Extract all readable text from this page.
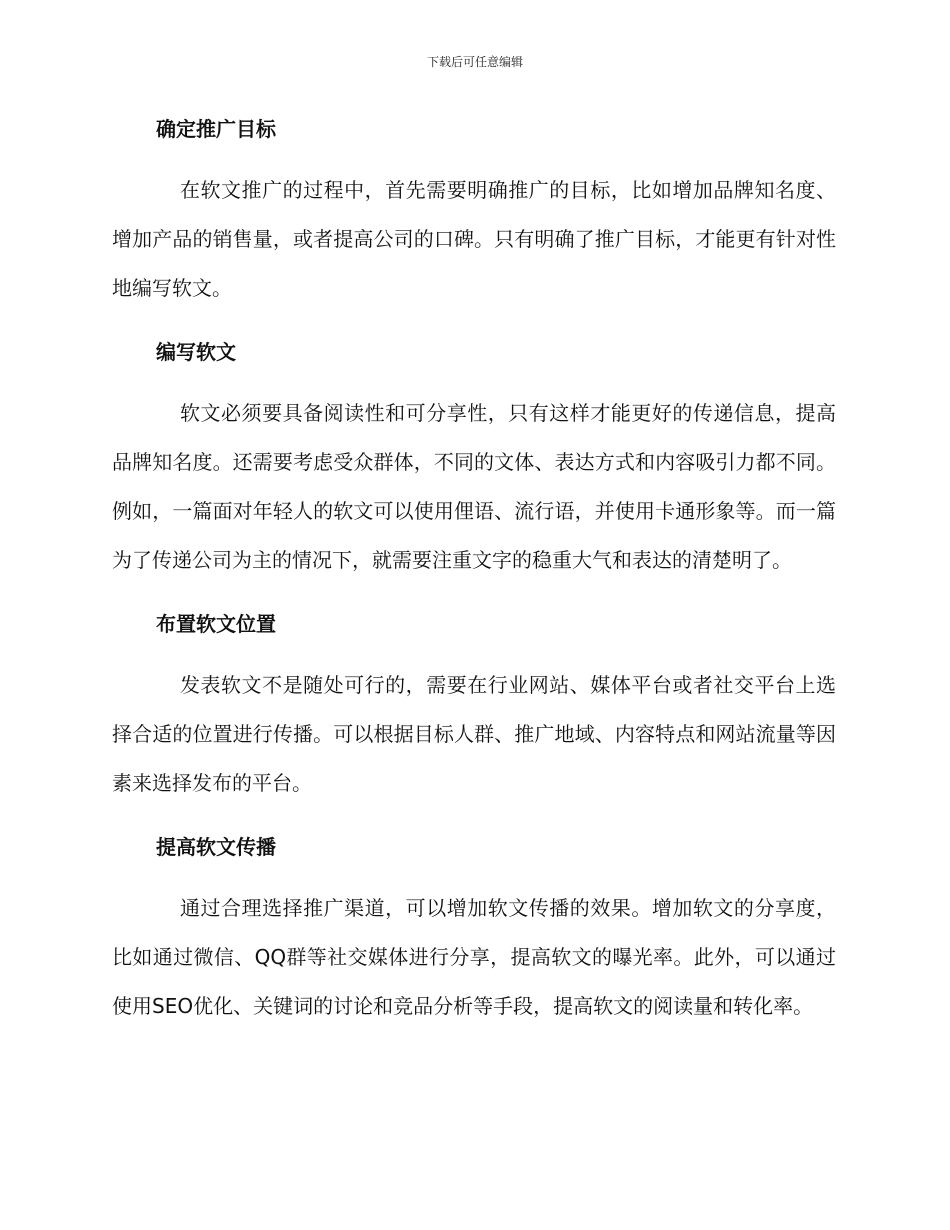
下载后可任意编辑
确定推广目标

在软文推广的过程中，首先需要明确推广的目标，比如增加品牌知名度、增加产品的销售量，或者提高公司的口碑。只有明确了推广目标，才能更有针对性地编写软文。

编写软文

软文必须要具备阅读性和可分享性，只有这样才能更好的传递信息，提高品牌知名度。还需要考虑受众群体，不同的文体、表达方式和内容吸引力都不同。例如，一篇面对年轻人的软文可以使用俚语、流行语，并使用卡通形象等。而一篇为了传递公司为主的情况下，就需要注重文字的稳重大气和表达的清楚明了。

布置软文位置

发表软文不是随处可行的，需要在行业网站、媒体平台或者社交平台上选择合适的位置进行传播。可以根据目标人群、推广地域、内容特点和网站流量等因素来选择发布的平台。

提高软文传播

通过合理选择推广渠道，可以增加软文传播的效果。增加软文的分享度，比如通过微信、QQ群等社交媒体进行分享，提高软文的曝光率。此外，可以通过使用SEO优化、关键词的讨论和竞品分析等手段，提高软文的阅读量和转化率。
